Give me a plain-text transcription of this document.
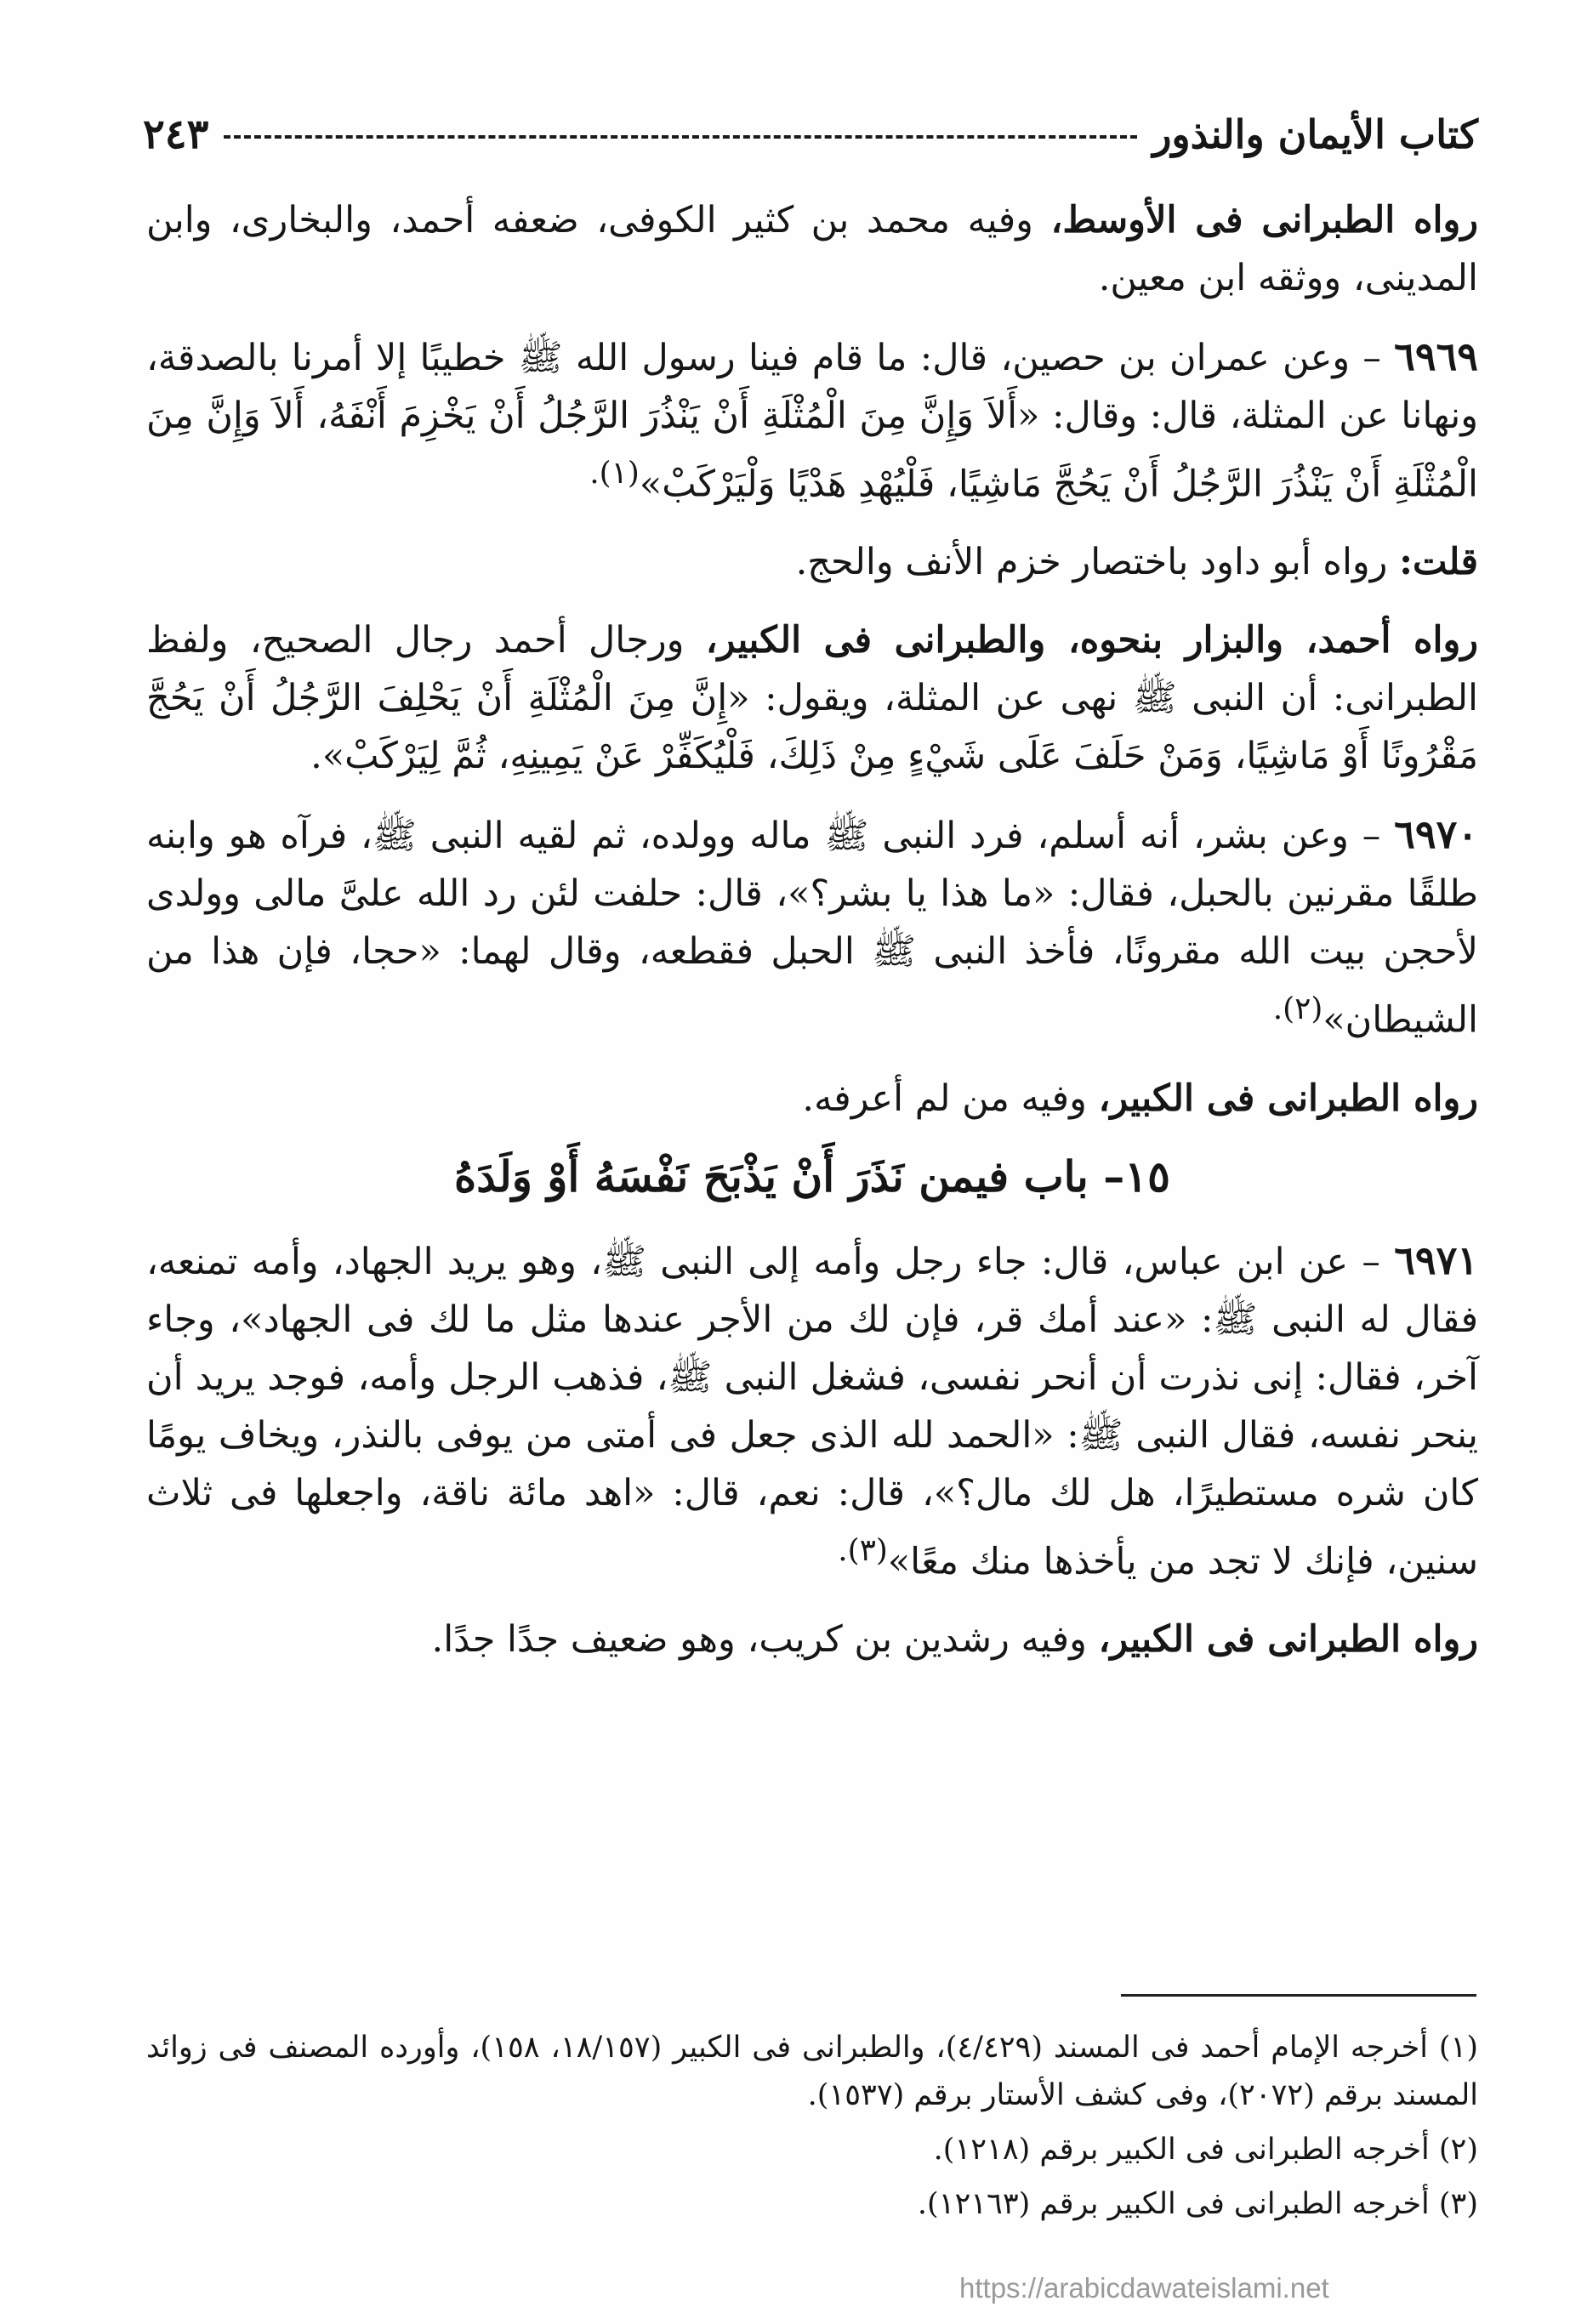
كتاب الأيمان والنذور
٢٤٣

رواه الطبرانى فى الأوسط، وفيه محمد بن كثير الكوفى، ضعفه أحمد، والبخارى، وابن المدينى، ووثقه ابن معين.

٦٩٦٩ – وعن عمران بن حصين، قال: ما قام فينا رسول الله ﷺ خطيبًا إلا أمرنا بالصدقة، ونهانا عن المثلة، قال: وقال: «أَلاَ وَإِنَّ مِنَ الْمُثْلَةِ أَنْ يَنْذُرَ الرَّجُلُ أَنْ يَخْزِمَ أَنْفَهُ، أَلاَ وَإِنَّ مِنَ الْمُثْلَةِ أَنْ يَنْذُرَ الرَّجُلُ أَنْ يَحُجَّ مَاشِيًا، فَلْيُهْدِ هَدْيًا وَلْيَرْكَبْ»$^{(١).}$

قلت: رواه أبو داود باختصار خزم الأنف والحج.

رواه أحمد، والبزار بنحوه، والطبرانى فى الكبير، ورجال أحمد رجال الصحيح، ولفظ الطبرانى: أن النبى ﷺ نهى عن المثلة، ويقول: «إِنَّ مِنَ الْمُثْلَةِ أَنْ يَحْلِفَ الرَّجُلُ أَنْ يَحُجَّ مَقْرُونًا أَوْ مَاشِيًا، وَمَنْ حَلَفَ عَلَى شَيْءٍ مِنْ ذَلِكَ، فَلْيُكَفِّرْ عَنْ يَمِينِهِ، ثُمَّ لِيَرْكَبْ».

٦٩٧٠ – وعن بشر، أنه أسلم، فرد النبى ﷺ ماله وولده، ثم لقيه النبى ﷺ، فرآه هو وابنه طلقًا مقرنين بالحبل، فقال: «ما هذا يا بشر؟»، قال: حلفت لئن رد الله علىَّ مالى وولدى لأحجن بيت الله مقرونًا، فأخذ النبى ﷺ الحبل فقطعه، وقال لهما: «حجا، فإن هذا من الشيطان»$^{(٢).}$

رواه الطبرانى فى الكبير، وفيه من لم أعرفه.

١٥– باب فيمن نَذَرَ أَنْ يَذْبَحَ نَفْسَهُ أَوْ وَلَدَهُ

٦٩٧١ – عن ابن عباس، قال: جاء رجل وأمه إلى النبى ﷺ، وهو يريد الجهاد، وأمه تمنعه، فقال له النبى ﷺ: «عند أمك قر، فإن لك من الأجر عندها مثل ما لك فى الجهاد»، وجاء آخر، فقال: إنى نذرت أن أنحر نفسى، فشغل النبى ﷺ، فذهب الرجل وأمه، فوجد يريد أن ينحر نفسه، فقال النبى ﷺ: «الحمد لله الذى جعل فى أمتى من يوفى بالنذر، ويخاف يومًا كان شره مستطيرًا، هل لك مال؟»، قال: نعم، قال: «اهد مائة ناقة، واجعلها فى ثلاث سنين، فإنك لا تجد من يأخذها منك معًا»$^{(٣).}$

رواه الطبرانى فى الكبير، وفيه رشدين بن كريب، وهو ضعيف جدًا جدًا.

(١) أخرجه الإمام أحمد فى المسند (٤/٤٢٩)، والطبرانى فى الكبير (١٨/١٥٧، ١٥٨)، وأورده المصنف فى زوائد المسند برقم (٢٠٧٢)، وفى كشف الأستار برقم (١٥٣٧).

(٢) أخرجه الطبرانى فى الكبير برقم (١٢١٨).

(٣) أخرجه الطبرانى فى الكبير برقم (١٢١٦٣).

https://arabicdawateislami.net
